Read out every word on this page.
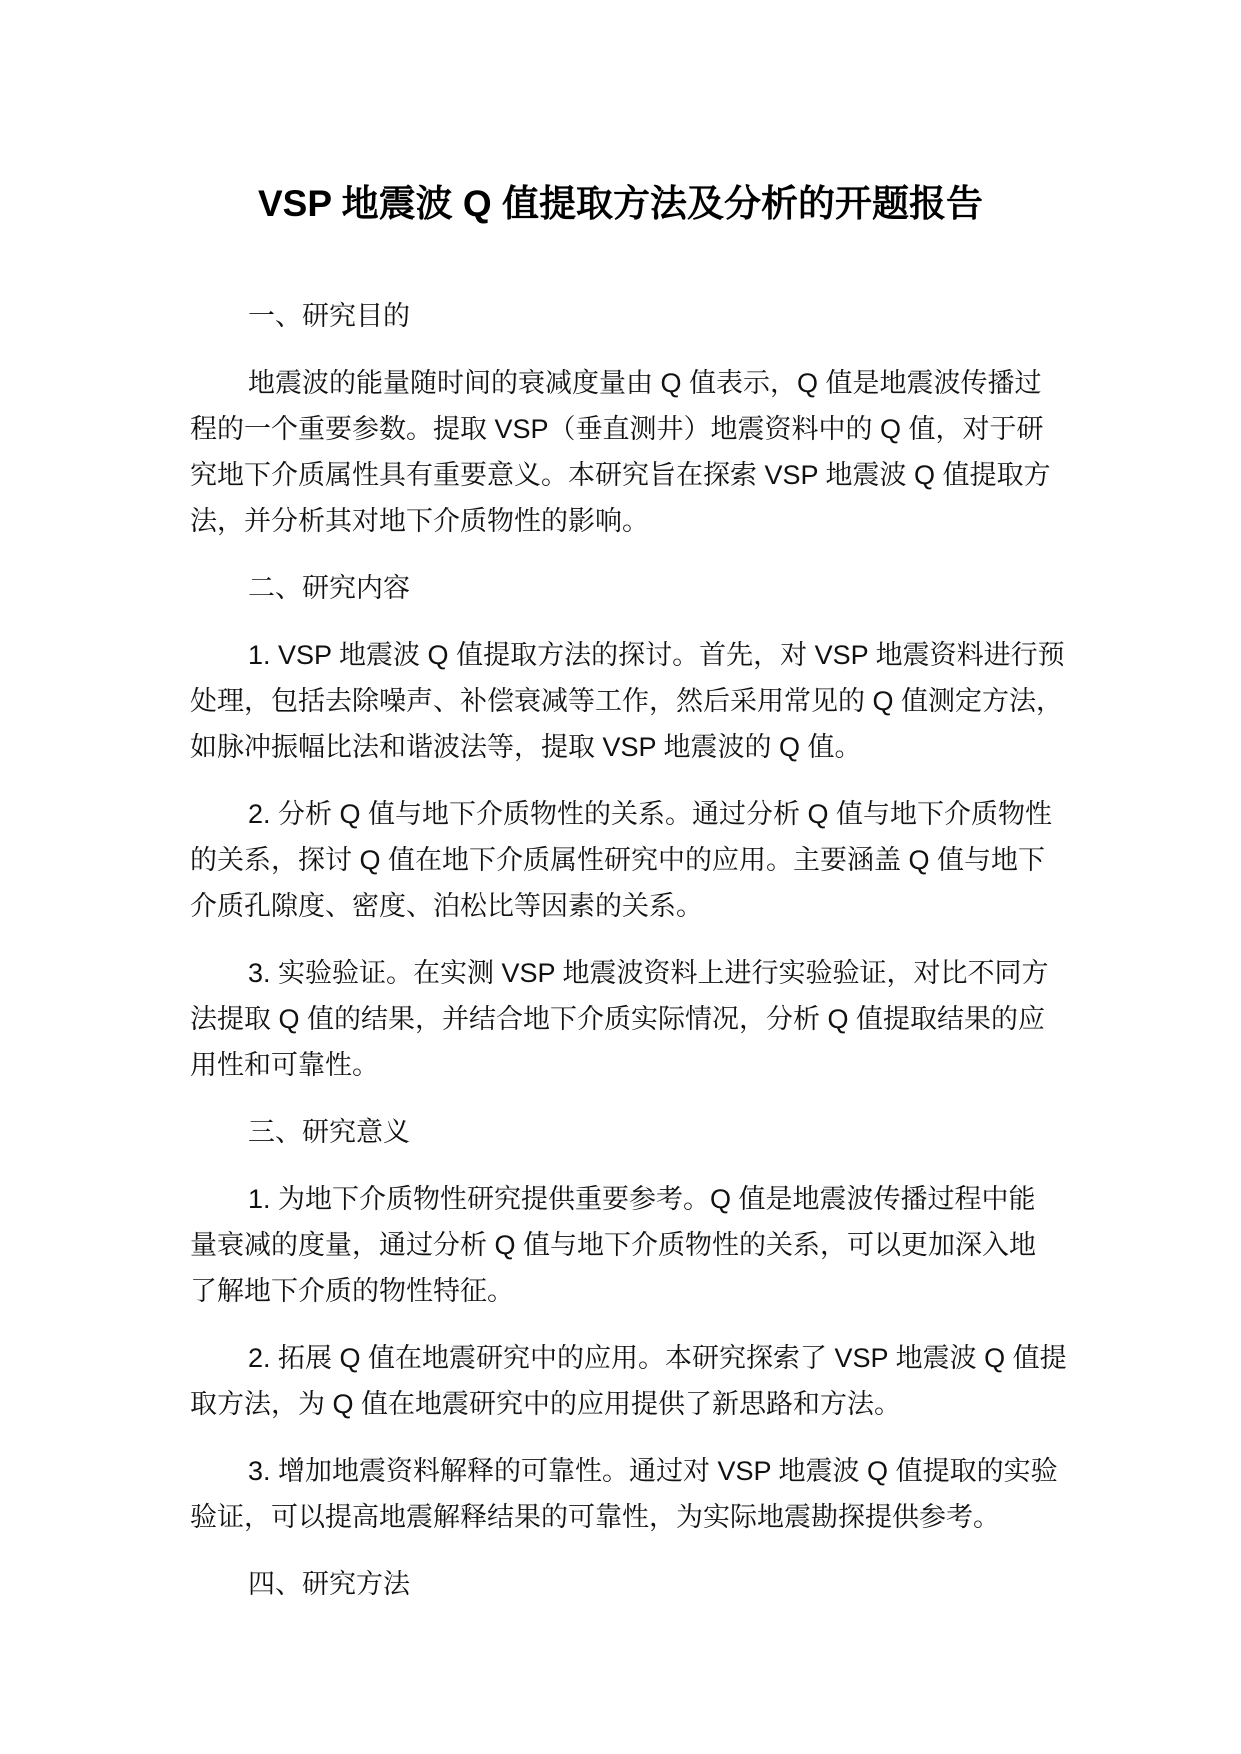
VSP 地震波 Q 值提取方法及分析的开题报告
一、研究目的
地震波的能量随时间的衰减度量由 Q 值表示，Q 值是地震波传播过
程的一个重要参数。提取 VSP（垂直测井）地震资料中的 Q 值，对于研
究地下介质属性具有重要意义。本研究旨在探索 VSP 地震波 Q 值提取方
法，并分析其对地下介质物性的影响。
二、研究内容
1. VSP 地震波 Q 值提取方法的探讨。首先，对 VSP 地震资料进行预
处理，包括去除噪声、补偿衰减等工作，然后采用常见的 Q 值测定方法，
如脉冲振幅比法和谐波法等，提取 VSP 地震波的 Q 值。
2. 分析 Q 值与地下介质物性的关系。通过分析 Q 值与地下介质物性
的关系，探讨 Q 值在地下介质属性研究中的应用。主要涵盖 Q 值与地下
介质孔隙度、密度、泊松比等因素的关系。
3. 实验验证。在实测 VSP 地震波资料上进行实验验证，对比不同方
法提取 Q 值的结果，并结合地下介质实际情况，分析 Q 值提取结果的应
用性和可靠性。
三、研究意义
1. 为地下介质物性研究提供重要参考。Q 值是地震波传播过程中能
量衰减的度量，通过分析 Q 值与地下介质物性的关系，可以更加深入地
了解地下介质的物性特征。
2. 拓展 Q 值在地震研究中的应用。本研究探索了 VSP 地震波 Q 值提
取方法，为 Q 值在地震研究中的应用提供了新思路和方法。
3. 增加地震资料解释的可靠性。通过对 VSP 地震波 Q 值提取的实验
验证，可以提高地震解释结果的可靠性，为实际地震勘探提供参考。
四、研究方法
